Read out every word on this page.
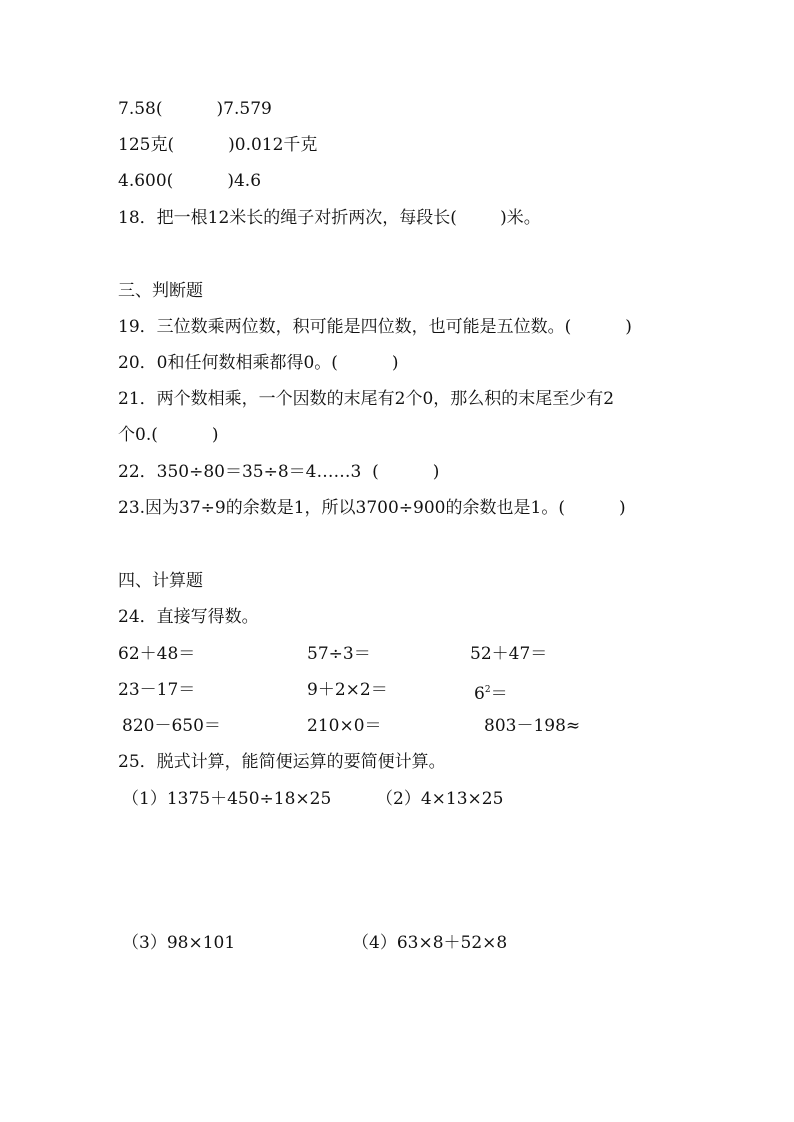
7.58(          )7.579
125克(          )0.012千克
4.600(          )4.6
18．把一根12米长的绳子对折两次，每段长(        )米。
三、判断题
19．三位数乘两位数，积可能是四位数，也可能是五位数。(          )
20．0和任何数相乘都得0。(          )
21．两个数相乘，一个因数的末尾有2个0，那么积的末尾至少有2
个0.(          )
22．350÷80＝35÷8＝4……3  (          )
23.因为37÷9的余数是1，所以3700÷900的余数也是1。(          )
四、计算题
24．直接写得数。
62＋48＝	57÷3＝	52＋47＝
23－17＝	9＋2×2＝	$6^2=$
820－650＝	210×0＝	803－198≈
25．脱式计算，能简便运算的要简便计算。
（1）1375＋450÷18×25	（2）4×13×25
（3）98×101	（4）63×8＋52×8
